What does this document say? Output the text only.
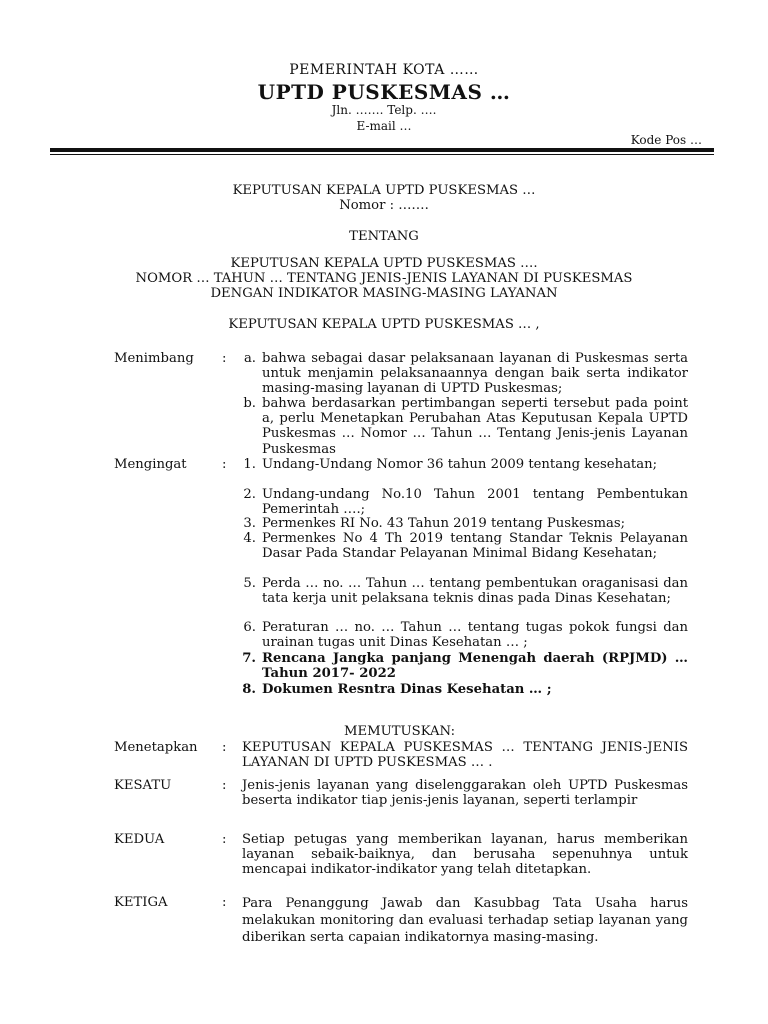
PEMERINTAH KOTA ……
UPTD PUSKESMAS …
Jln. ……. Telp. ….
E-mail …
Kode Pos …
KEPUTUSAN KEPALA UPTD PUSKESMAS …
Nomor : …….
TENTANG
KEPUTUSAN KEPALA UPTD PUSKESMAS ….
NOMOR … TAHUN … TENTANG JENIS-JENIS LAYANAN DI PUSKESMAS
DENGAN INDIKATOR MASING-MASING LAYANAN
KEPUTUSAN KEPALA UPTD PUSKESMAS … ,
Menimbang :	a. bahwa sebagai dasar pelaksanaan layanan di Puskesmas serta untuk menjamin pelaksanaannya dengan baik serta indikator masing-masing layanan di UPTD Puskesmas;
b. bahwa berdasarkan pertimbangan seperti tersebut pada point a, perlu Menetapkan Perubahan Atas Keputusan Kepala UPTD Puskesmas … Nomor … Tahun … Tentang Jenis-jenis Layanan Puskesmas
Mengingat	:	1. Undang-Undang Nomor 36 tahun 2009 tentang kesehatan;
2. Undang-undang No.10 Tahun 2001 tentang Pembentukan Pemerintah ….;
3. Permenkes RI No. 43 Tahun 2019 tentang Puskesmas;
4. Permenkes No 4 Th 2019 tentang Standar Teknis Pelayanan Dasar Pada Standar Pelayanan Minimal Bidang Kesehatan;
5. Perda … no. … Tahun … tentang pembentukan oraganisasi dan tata kerja unit pelaksana teknis dinas pada Dinas Kesehatan;
6. Peraturan … no. … Tahun … tentang tugas pokok fungsi dan urainan tugas unit Dinas Kesehatan … ;
7. Rencana Jangka panjang Menengah daerah (RPJMD) … Tahun 2017- 2022
8. Dokumen Resntra Dinas Kesehatan … ;
MEMUTUSKAN:
Menetapkan : KEPUTUSAN KEPALA PUSKESMAS … TENTANG JENIS-JENIS LAYANAN DI UPTD PUSKESMAS … .
KESATU	: Jenis-jenis layanan yang diselenggarakan oleh UPTD Puskesmas beserta indikator tiap jenis-jenis layanan, seperti terlampir
KEDUA	: Setiap petugas yang memberikan layanan, harus memberikan layanan sebaik-baiknya, dan berusaha sepenuhnya untuk mencapai indikator-indikator yang telah ditetapkan.
KETIGA	: Para Penanggung Jawab dan Kasubbag Tata Usaha harus melakukan monitoring dan evaluasi terhadap setiap layanan yang diberikan serta capaian indikatornya masing-masing.
